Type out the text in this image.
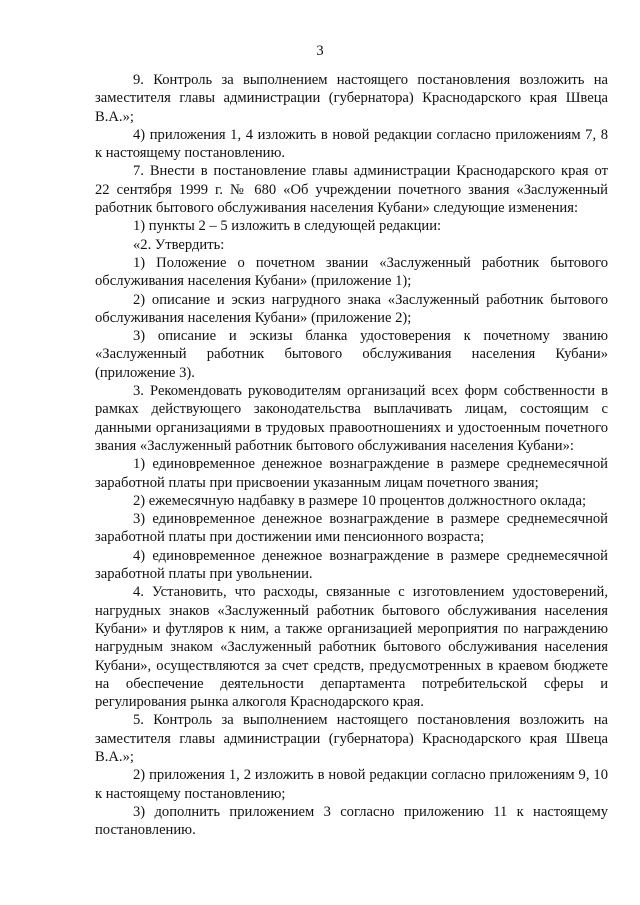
3

9. Контроль за выполнением настоящего постановления возложить на заместителя главы администрации (губернатора) Краснодарского края Швеца В.А.»;

4) приложения 1, 4 изложить в новой редакции согласно приложениям 7, 8 к настоящему постановлению.

7. Внести в постановление главы администрации Краснодарского края от 22 сентября 1999 г. № 680 «Об учреждении почетного звания «Заслуженный работник бытового обслуживания населения Кубани» следующие изменения:

1) пункты 2 – 5 изложить в следующей редакции:

«2. Утвердить:

1) Положение о почетном звании «Заслуженный работник бытового обслуживания населения Кубани» (приложение 1);

2) описание и эскиз нагрудного знака «Заслуженный работник бытового обслуживания населения Кубани» (приложение 2);

3) описание и эскизы бланка удостоверения к почетному званию «Заслуженный работник бытового обслуживания населения Кубани» (приложение 3).

3. Рекомендовать руководителям организаций всех форм собственности в рамках действующего законодательства выплачивать лицам, состоящим с данными организациями в трудовых правоотношениях и удостоенным почетного звания «Заслуженный работник бытового обслуживания населения Кубани»:

1) единовременное денежное вознаграждение в размере среднемесячной заработной платы при присвоении указанным лицам почетного звания;

2) ежемесячную надбавку в размере 10 процентов должностного оклада;

3) единовременное денежное вознаграждение в размере среднемесячной заработной платы при достижении ими пенсионного возраста;

4) единовременное денежное вознаграждение в размере среднемесячной заработной платы при увольнении.

4. Установить, что расходы, связанные с изготовлением удостоверений, нагрудных знаков «Заслуженный работник бытового обслуживания населения Кубани» и футляров к ним, а также организацией мероприятия по награждению нагрудным знаком «Заслуженный работник бытового обслуживания населения Кубани», осуществляются за счет средств, предусмотренных в краевом бюджете на обеспечение деятельности департамента потребительской сферы и регулирования рынка алкоголя Краснодарского края.

5. Контроль за выполнением настоящего постановления возложить на заместителя главы администрации (губернатора) Краснодарского края Швеца В.А.»;

2) приложения 1, 2 изложить в новой редакции согласно приложениям 9, 10 к настоящему постановлению;

3) дополнить приложением 3 согласно приложению 11 к настоящему постановлению.
